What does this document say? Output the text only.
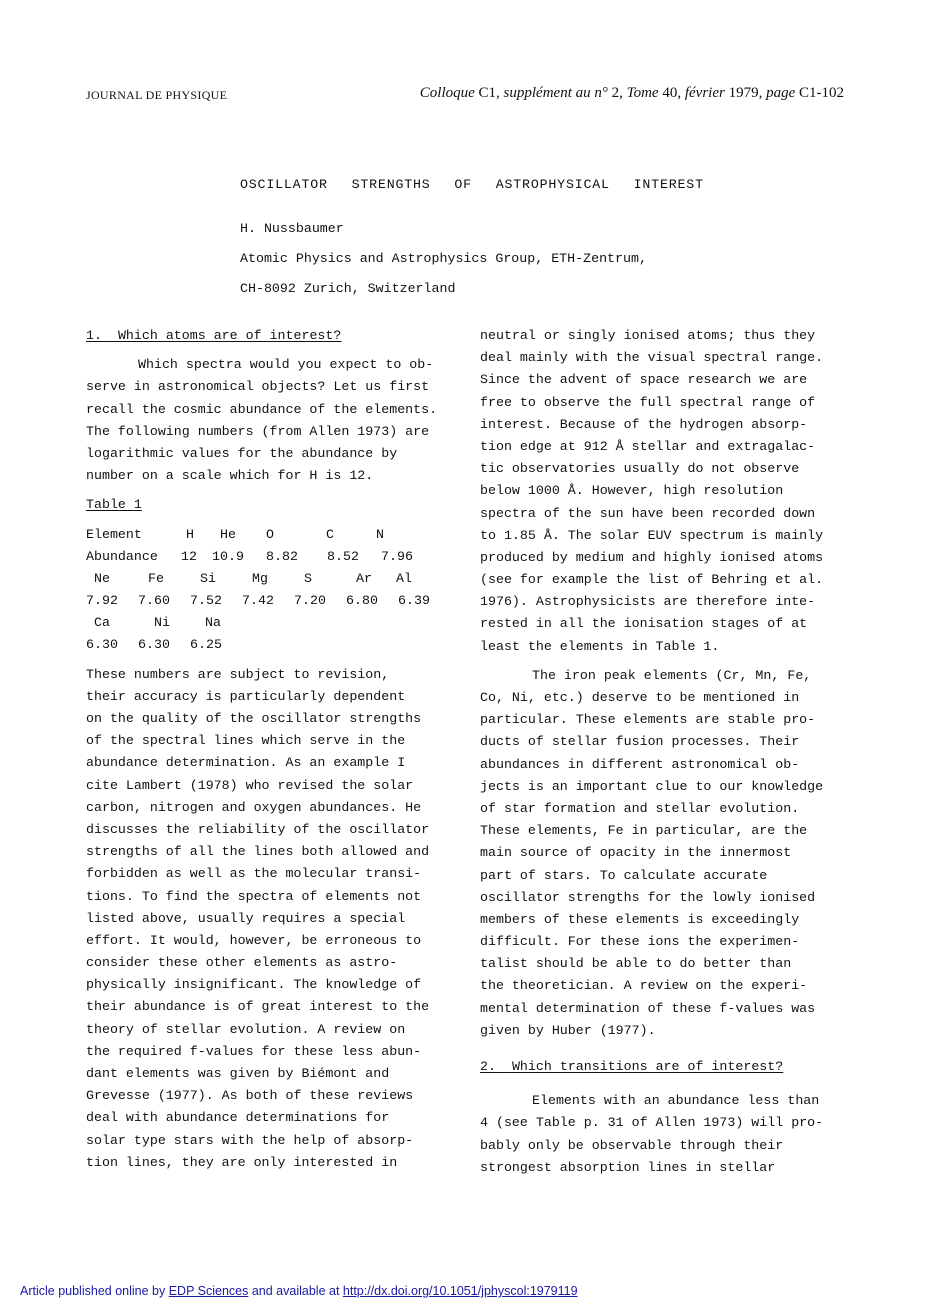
JOURNAL DE PHYSIQUE	Colloque C1, supplément au n° 2, Tome 40, février 1979, page C1-102
OSCILLATOR STRENGTHS OF ASTROPHYSICAL INTEREST
H. Nussbaumer
Atomic Physics and Astrophysics Group, ETH-Zentrum,
CH-8092 Zurich, Switzerland
1. Which atoms are of interest?
Which spectra would you expect to ob-
serve in astronomical objects? Let us first
recall the cosmic abundance of the elements.
The following numbers (from Allen 1973) are
logarithmic values for the abundance by
number on a scale which for H is 12.
Table 1
Element	H	He	O	C	N
Abundance	12	10.9	8.82	8.52	7.96
Ne	Fe	Si	Mg	S	Ar	Al
7.92	7.60	7.52	7.42	7.20	6.80	6.39
Ca	Ni	Na
6.30	6.30	6.25
These numbers are subject to revision,
their accuracy is particularly dependent
on the quality of the oscillator strengths
of the spectral lines which serve in the
abundance determination. As an example I
cite Lambert (1978) who revised the solar
carbon, nitrogen and oxygen abundances. He
discusses the reliability of the oscillator
strengths of all the lines both allowed and
forbidden as well as the molecular transi-
tions. To find the spectra of elements not
listed above, usually requires a special
effort. It would, however, be erroneous to
consider these other elements as astro-
physically insignificant. The knowledge of
their abundance is of great interest to the
theory of stellar evolution. A review on
the required f-values for these less abun-
dant elements was given by Biémont and
Grevesse (1977). As both of these reviews
deal with abundance determinations for
solar type stars with the help of absorp-
tion lines, they are only interested in
neutral or singly ionised atoms; thus they
deal mainly with the visual spectral range.
Since the advent of space research we are
free to observe the full spectral range of
interest. Because of the hydrogen absorp-
tion edge at 912 Å stellar and extragalac-
tic observatories usually do not observe
below 1000 Å. However, high resolution
spectra of the sun have been recorded down
to 1.85 Å. The solar EUV spectrum is mainly
produced by medium and highly ionised atoms
(see for example the list of Behring et al.
1976). Astrophysicists are therefore inte-
rested in all the ionisation stages of at
least the elements in Table 1.
The iron peak elements (Cr, Mn, Fe,
Co, Ni, etc.) deserve to be mentioned in
particular. These elements are stable pro-
ducts of stellar fusion processes. Their
abundances in different astronomical ob-
jects is an important clue to our knowledge
of star formation and stellar evolution.
These elements, Fe in particular, are the
main source of opacity in the innermost
part of stars. To calculate accurate
oscillator strengths for the lowly ionised
members of these elements is exceedingly
difficult. For these ions the experimen-
talist should be able to do better than
the theoretician. A review on the experi-
mental determination of these f-values was
given by Huber (1977).
2. Which transitions are of interest?
Elements with an abundance less than
4 (see Table p. 31 of Allen 1973) will pro-
bably only be observable through their
strongest absorption lines in stellar
Article published online by EDP Sciences and available at http://dx.doi.org/10.1051/jphyscol:1979119
